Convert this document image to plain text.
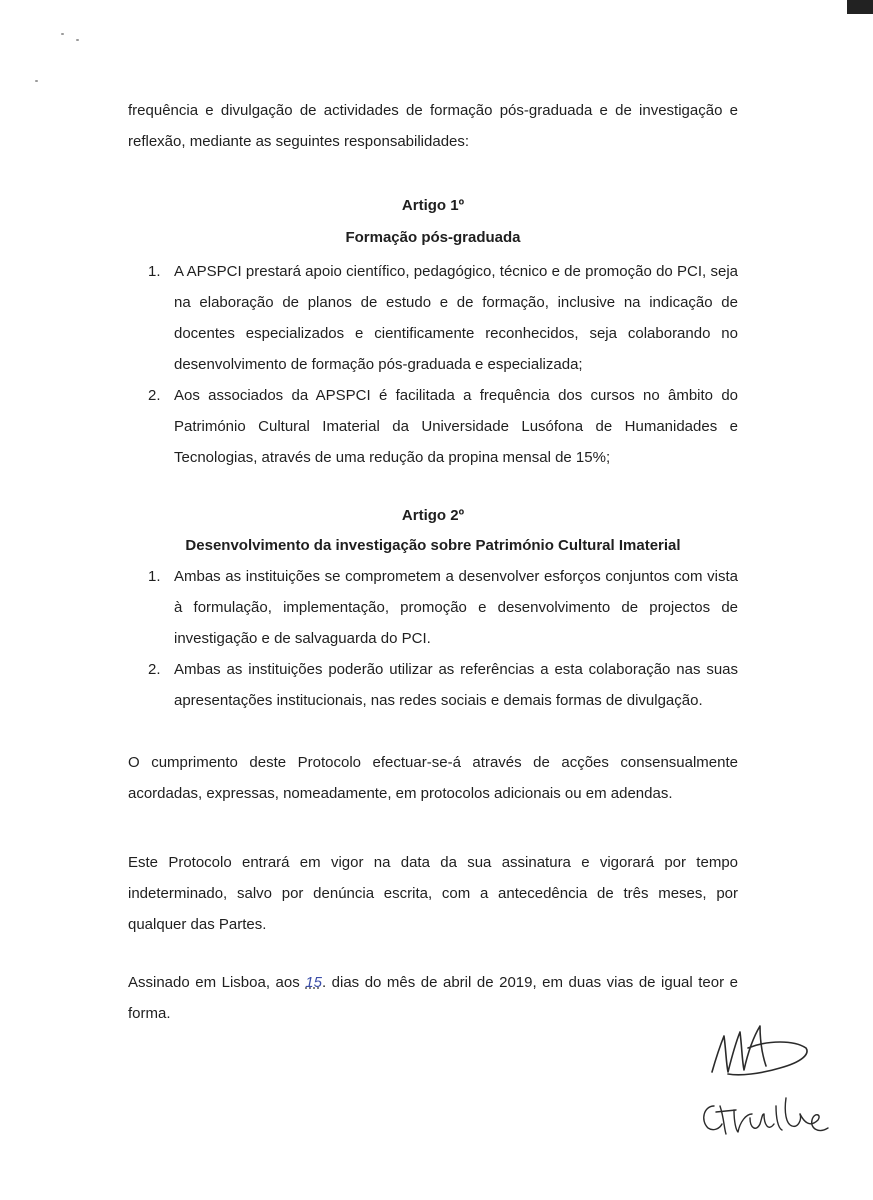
frequência e divulgação de actividades de formação pós-graduada e de investigação e reflexão, mediante as seguintes responsabilidades:
Artigo 1º
Formação pós-graduada
1. A APSPCI prestará apoio científico, pedagógico, técnico e de promoção do PCI, seja na elaboração de planos de estudo e de formação, inclusive na indicação de docentes especializados e cientificamente reconhecidos, seja colaborando no desenvolvimento de formação pós-graduada e especializada;
2. Aos associados da APSPCI é facilitada a frequência dos cursos no âmbito do Património Cultural Imaterial da Universidade Lusófona de Humanidades e Tecnologias, através de uma redução da propina mensal de 15%;
Artigo 2º
Desenvolvimento da investigação sobre Património Cultural Imaterial
1. Ambas as instituições se comprometem a desenvolver esforços conjuntos com vista à formulação, implementação, promoção e desenvolvimento de projectos de investigação e de salvaguarda do PCI.
2. Ambas as instituições poderão utilizar as referências a esta colaboração nas suas apresentações institucionais, nas redes sociais e demais formas de divulgação.
O cumprimento deste Protocolo efectuar-se-á através de acções consensualmente acordadas, expressas, nomeadamente, em protocolos adicionais ou em adendas.
Este Protocolo entrará em vigor na data da sua assinatura e vigorará por tempo indeterminado, salvo por denúncia escrita, com a antecedência de três meses, por qualquer das Partes.
Assinado em Lisboa, aos 15. dias do mês de abril de 2019, em duas vias de igual teor e forma.
